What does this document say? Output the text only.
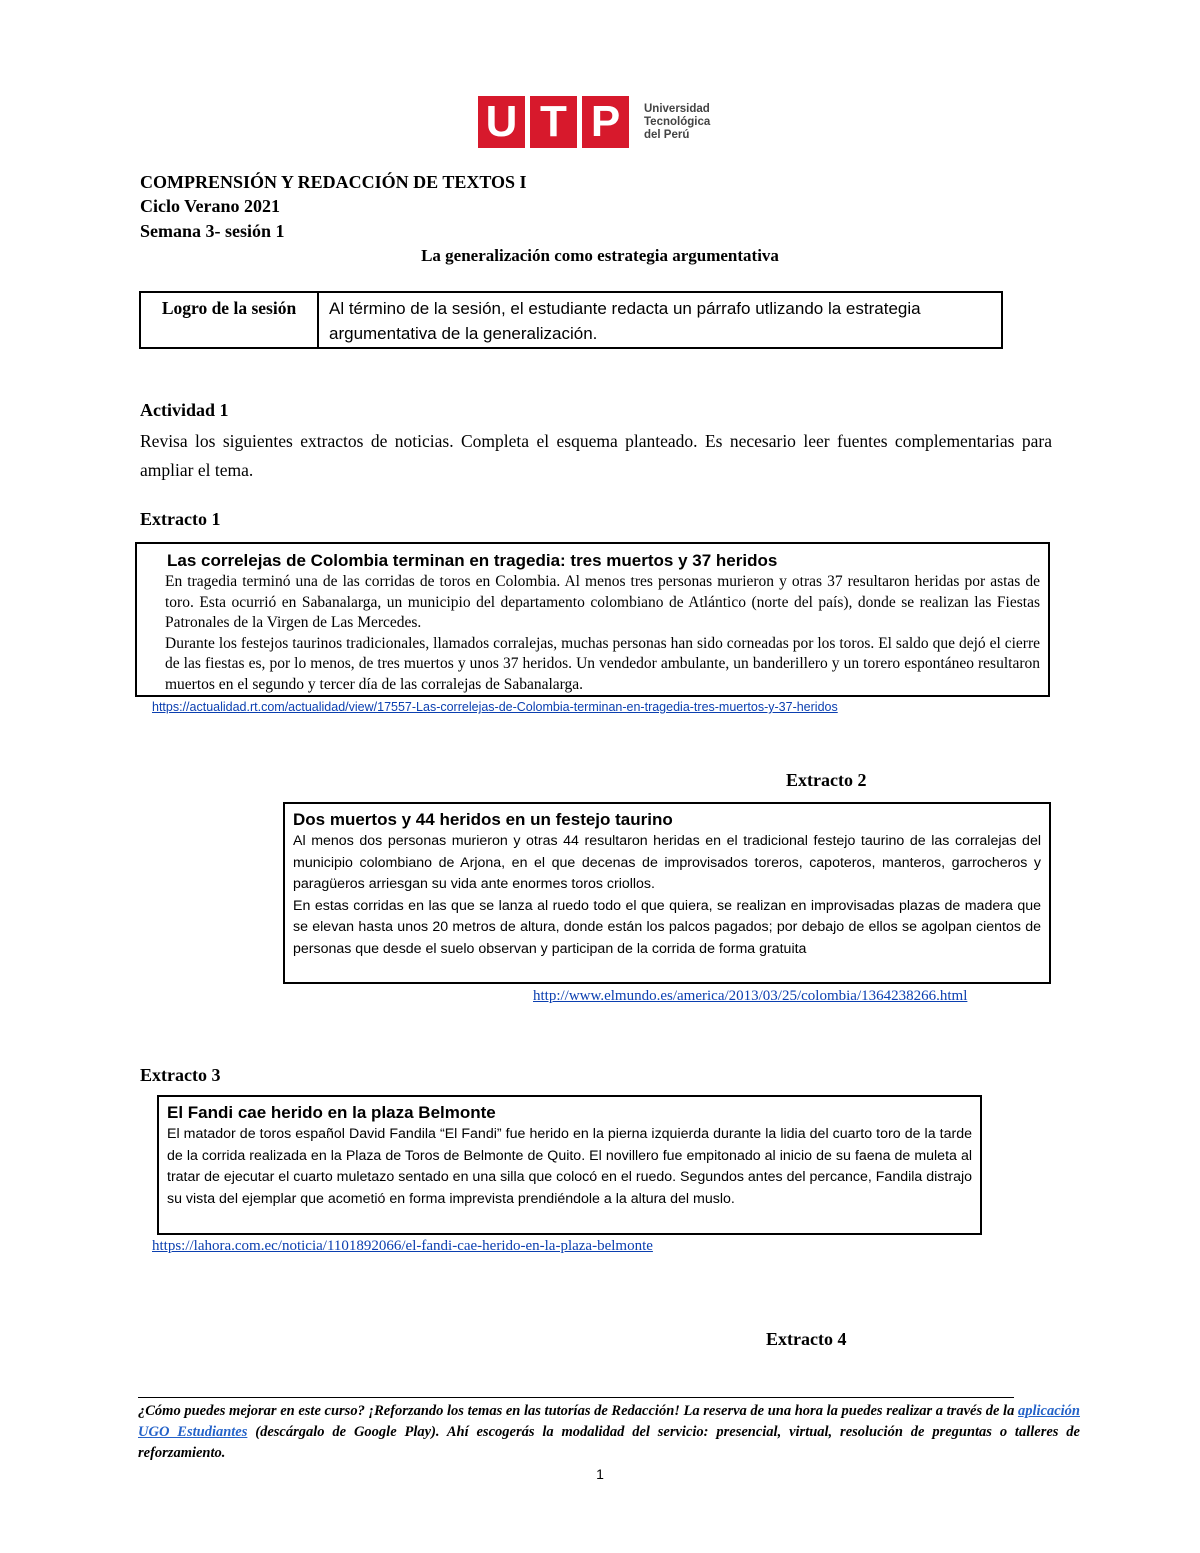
U T P	Universidad
Tecnológica
del Perú
COMPRENSIÓN Y REDACCIÓN DE TEXTOS I
Ciclo Verano 2021
Semana 3- sesión 1
La generalización como estrategia argumentativa
Logro de la sesión	Al término de la sesión, el estudiante redacta un párrafo utlizando la estrategia argumentativa de la generalización.
Actividad 1
Revisa los siguientes extractos de noticias. Completa el esquema planteado. Es necesario leer fuentes complementarias para ampliar el tema.
Extracto 1
Las correlejas de Colombia terminan en tragedia: tres muertos y 37 heridos

En tragedia terminó una de las corridas de toros en Colombia. Al menos tres personas murieron y otras 37 resultaron heridas por astas de toro. Esta ocurrió en Sabanalarga, un municipio del departamento colombiano de Atlántico (norte del país), donde se realizan las Fiestas Patronales de la Virgen de Las Mercedes.

Durante los festejos taurinos tradicionales, llamados corralejas, muchas personas han sido corneadas por los toros. El saldo que dejó el cierre de las fiestas es, por lo menos, de tres muertos y unos 37 heridos. Un vendedor ambulante, un banderillero y un torero espontáneo resultaron muertos en el segundo y tercer día de las corralejas de Sabanalarga.

https://actualidad.rt.com/actualidad/view/17557-Las-correlejas-de-Colombia-terminan-en-tragedia-tres-muertos-y-37-heridos
Extracto 2
Dos muertos y 44 heridos en un festejo taurino

Al menos dos personas murieron y otras 44 resultaron heridas en el tradicional festejo taurino de las corralejas del municipio colombiano de Arjona, en el que decenas de improvisados toreros, capoteros, manteros, garrocheros y paragüeros arriesgan su vida ante enormes toros criollos.

En estas corridas en las que se lanza al ruedo todo el que quiera, se realizan en improvisadas plazas de madera que se elevan hasta unos 20 metros de altura, donde están los palcos pagados; por debajo de ellos se agolpan cientos de personas que desde el suelo observan y participan de la corrida de forma gratuita

http://www.elmundo.es/america/2013/03/25/colombia/1364238266.html
Extracto 3
El Fandi cae herido en la plaza Belmonte

El matador de toros español David Fandila “El Fandi” fue herido en la pierna izquierda durante la lidia del cuarto toro de la tarde de la corrida realizada en la Plaza de Toros de Belmonte de Quito. El novillero fue empitonado al inicio de su faena de muleta al tratar de ejecutar el cuarto muletazo sentado en una silla que colocó en el ruedo. Segundos antes del percance, Fandila distrajo su vista del ejemplar que acometió en forma imprevista prendiéndole a la altura del muslo.

https://lahora.com.ec/noticia/1101892066/el-fandi-cae-herido-en-la-plaza-belmonte
Extracto 4
¿Cómo puedes mejorar en este curso? ¡Reforzando los temas en las tutorías de Redacción! La reserva de una hora la puedes realizar a través de la aplicación UGO Estudiantes (descárgalo de Google Play). Ahí escogerás la modalidad del servicio: presencial, virtual, resolución de preguntas o talleres de reforzamiento.
1
